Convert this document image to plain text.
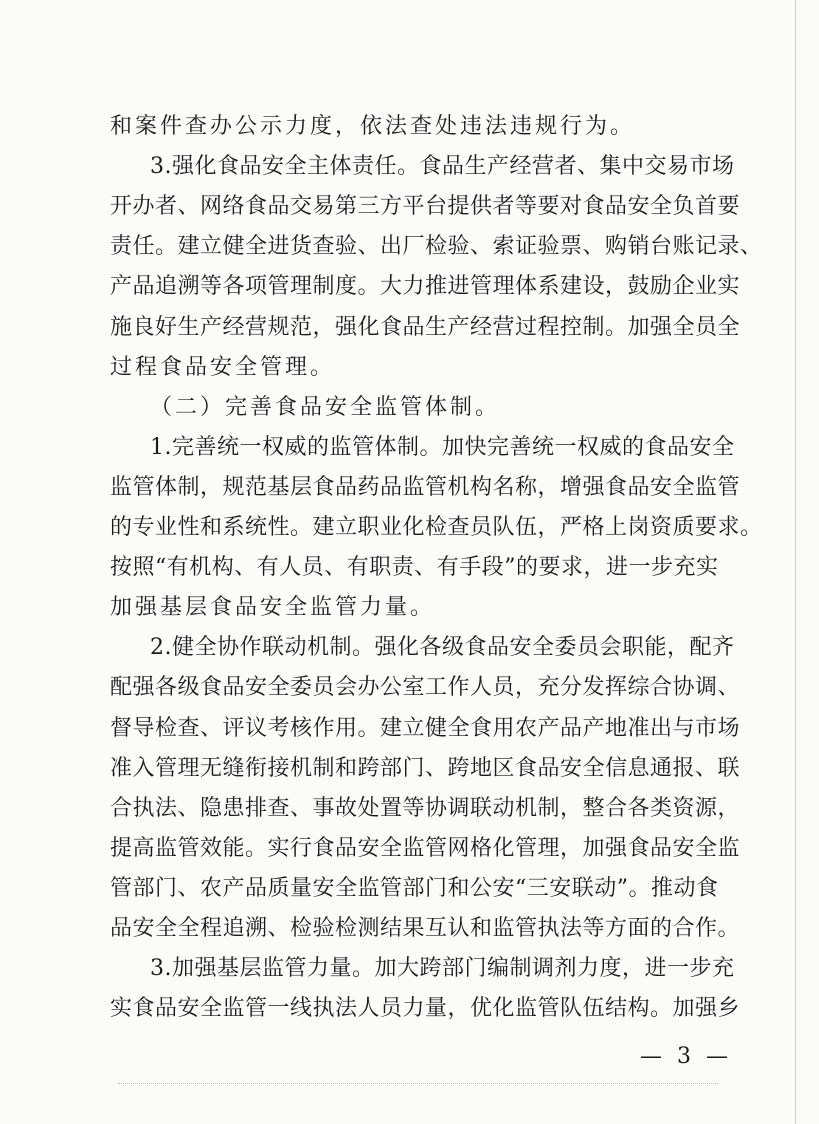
和案件查办公示力度，依法查处违法违规行为。
3.强化食品安全主体责任。食品生产经营者、集中交易市场
开办者、网络食品交易第三方平台提供者等要对食品安全负首要
责任。建立健全进货查验、出厂检验、索证验票、购销台账记录、
产品追溯等各项管理制度。大力推进管理体系建设，鼓励企业实
施良好生产经营规范，强化食品生产经营过程控制。加强全员全
过程食品安全管理。
（二）完善食品安全监管体制。
1.完善统一权威的监管体制。加快完善统一权威的食品安全
监管体制，规范基层食品药品监管机构名称，增强食品安全监管
的专业性和系统性。建立职业化检查员队伍，严格上岗资质要求。
按照“有机构、有人员、有职责、有手段”的要求，进一步充实
加强基层食品安全监管力量。
2.健全协作联动机制。强化各级食品安全委员会职能，配齐
配强各级食品安全委员会办公室工作人员，充分发挥综合协调、
督导检查、评议考核作用。建立健全食用农产品产地准出与市场
准入管理无缝衔接机制和跨部门、跨地区食品安全信息通报、联
合执法、隐患排查、事故处置等协调联动机制，整合各类资源，
提高监管效能。实行食品安全监管网格化管理，加强食品安全监
管部门、农产品质量安全监管部门和公安“三安联动”。推动食
品安全全程追溯、检验检测结果互认和监管执法等方面的合作。
3.加强基层监管力量。加大跨部门编制调剂力度，进一步充
实食品安全监管一线执法人员力量，优化监管队伍结构。加强乡
— 3 —
